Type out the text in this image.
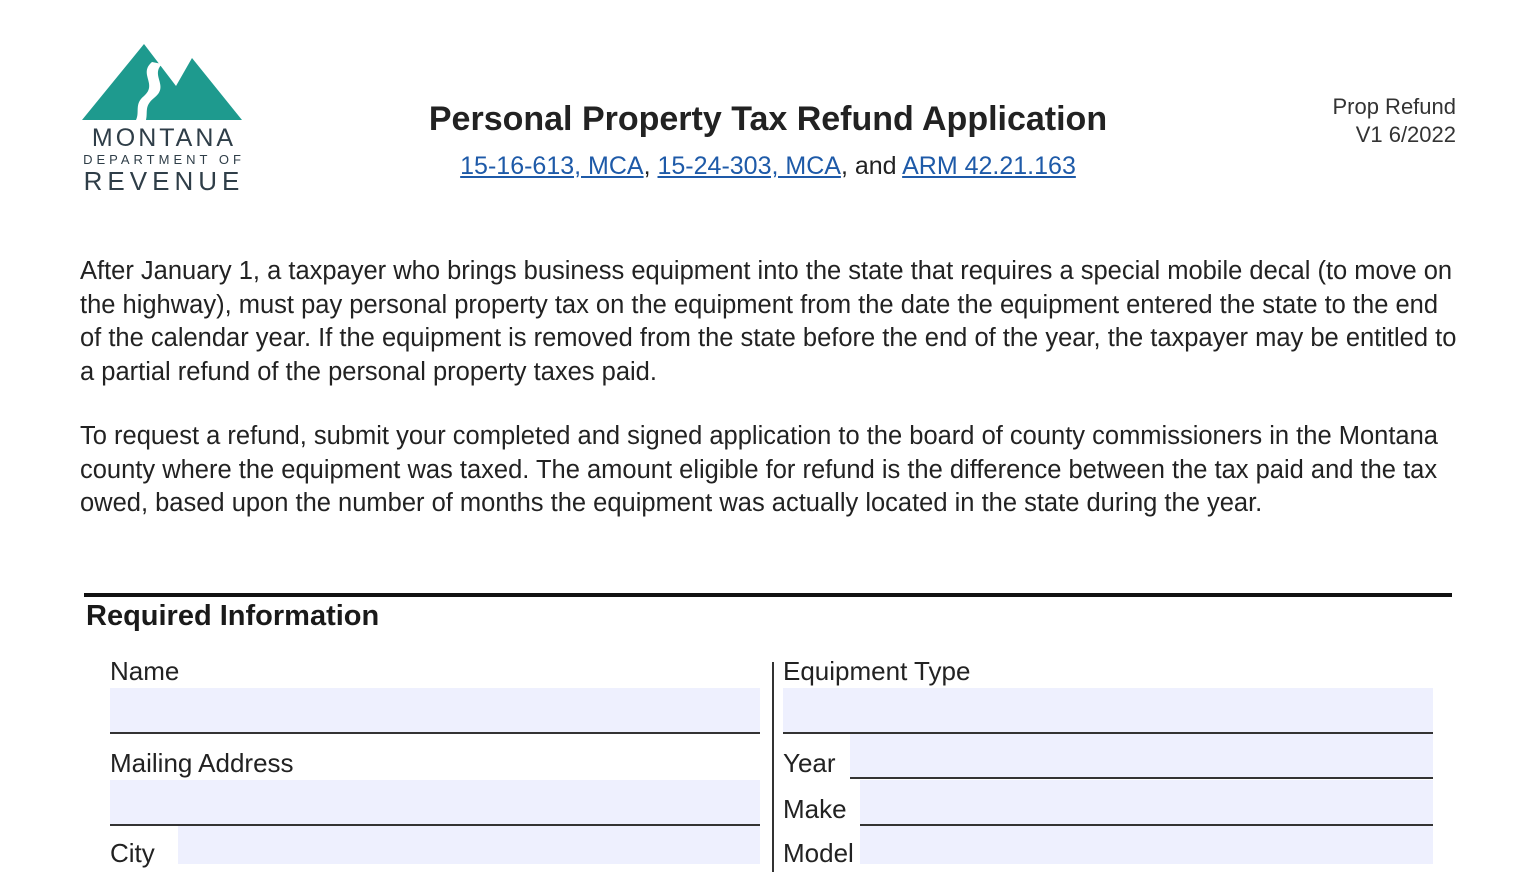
MONTANA
DEPARTMENT OF
REVENUE
Personal Property Tax Refund Application
15-16-613, MCA, 15-24-303, MCA, and ARM 42.21.163
Prop Refund
V1 6/2022

After January 1, a taxpayer who brings business equipment into the state that requires a special mobile decal (to move on the highway), must pay personal property tax on the equipment from the date the equipment entered the state to the end of the calendar year. If the equipment is removed from the state before the end of the year, the taxpayer may be entitled to a partial refund of the personal property taxes paid.

To request a refund, submit your completed and signed application to the board of county commissioners in the Montana county where the equipment was taxed. The amount eligible for refund is the difference between the tax paid and the tax owed, based upon the number of months the equipment was actually located in the state during the year.

Required Information
Name
Mailing Address
City
Equipment Type
Year
Make
Model
